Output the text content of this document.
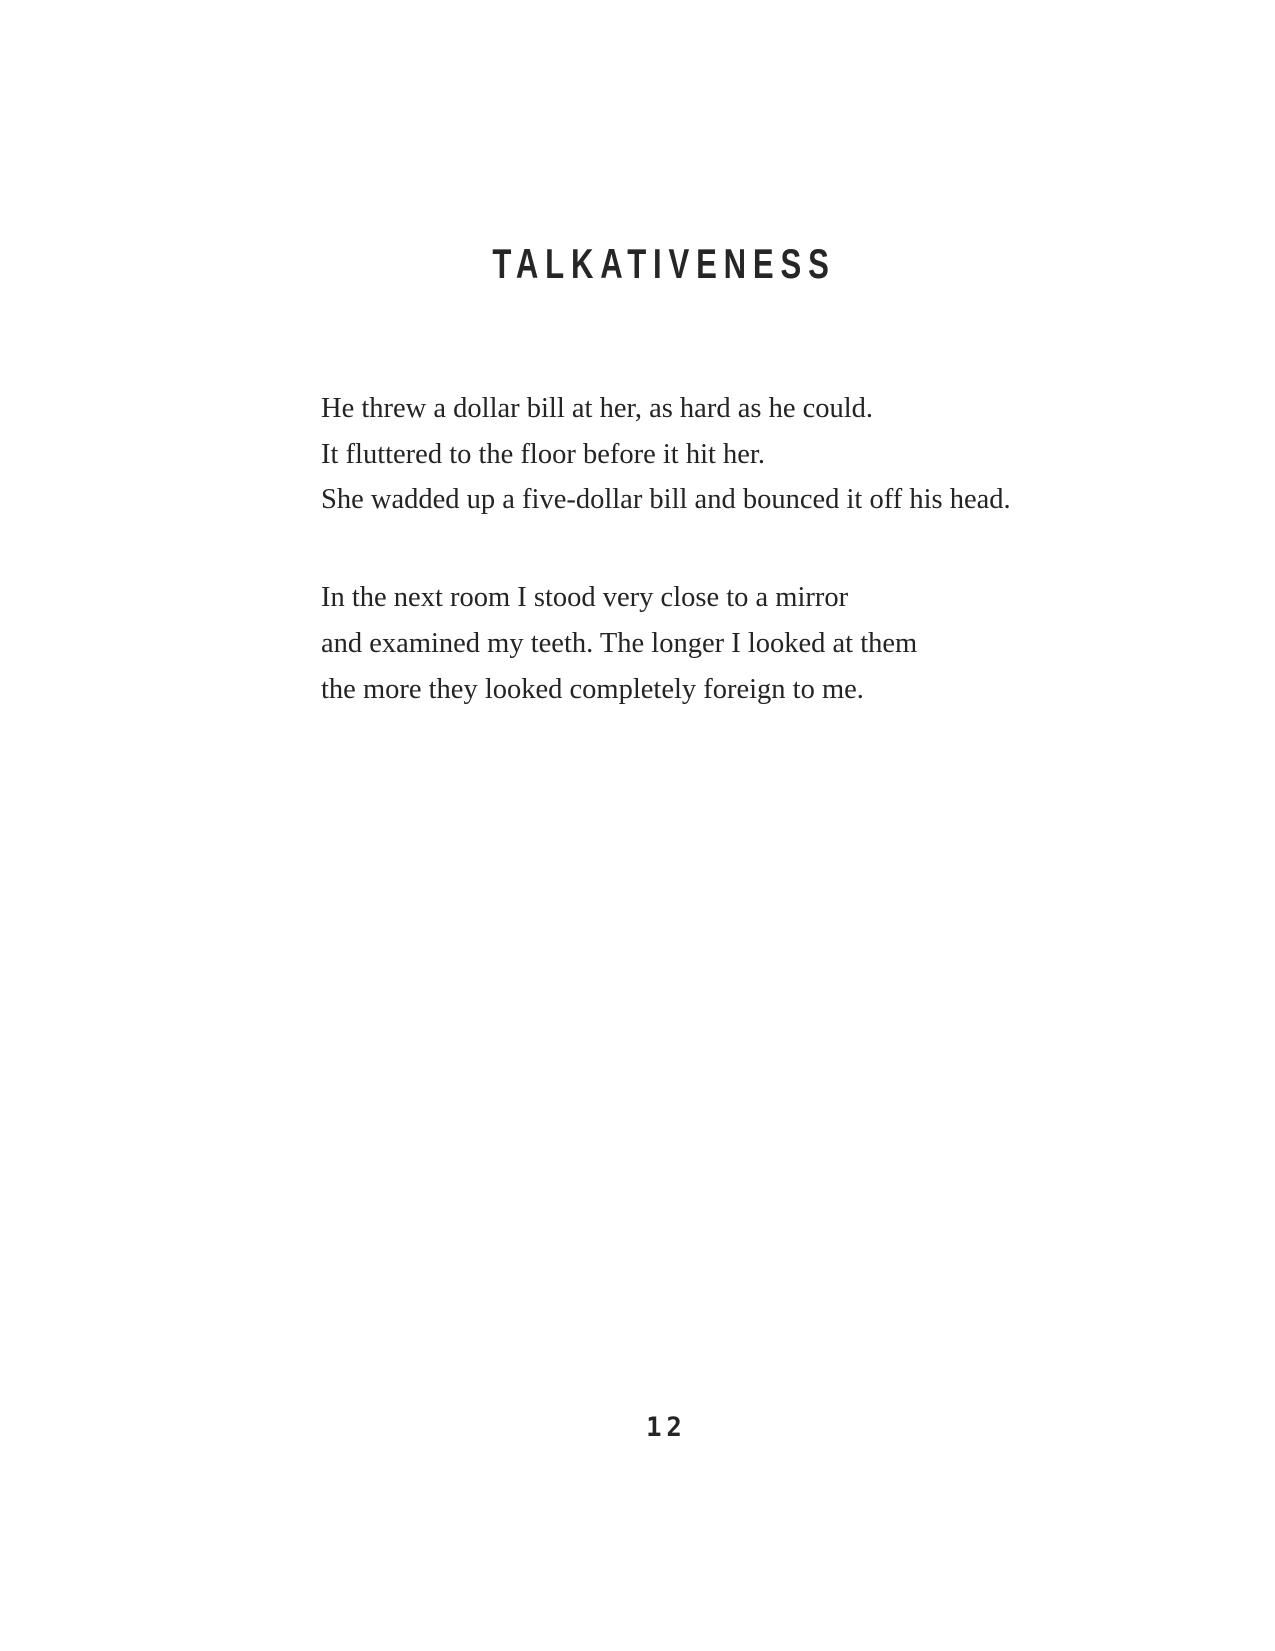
TALKATIVENESS

He threw a dollar bill at her, as hard as he could.

It fluttered to the floor before it hit her.

She wadded up a five-dollar bill and bounced it off his head.

In the next room I stood very close to a mirror

and examined my teeth. The longer I looked at them

the more they looked completely foreign to me.

12
